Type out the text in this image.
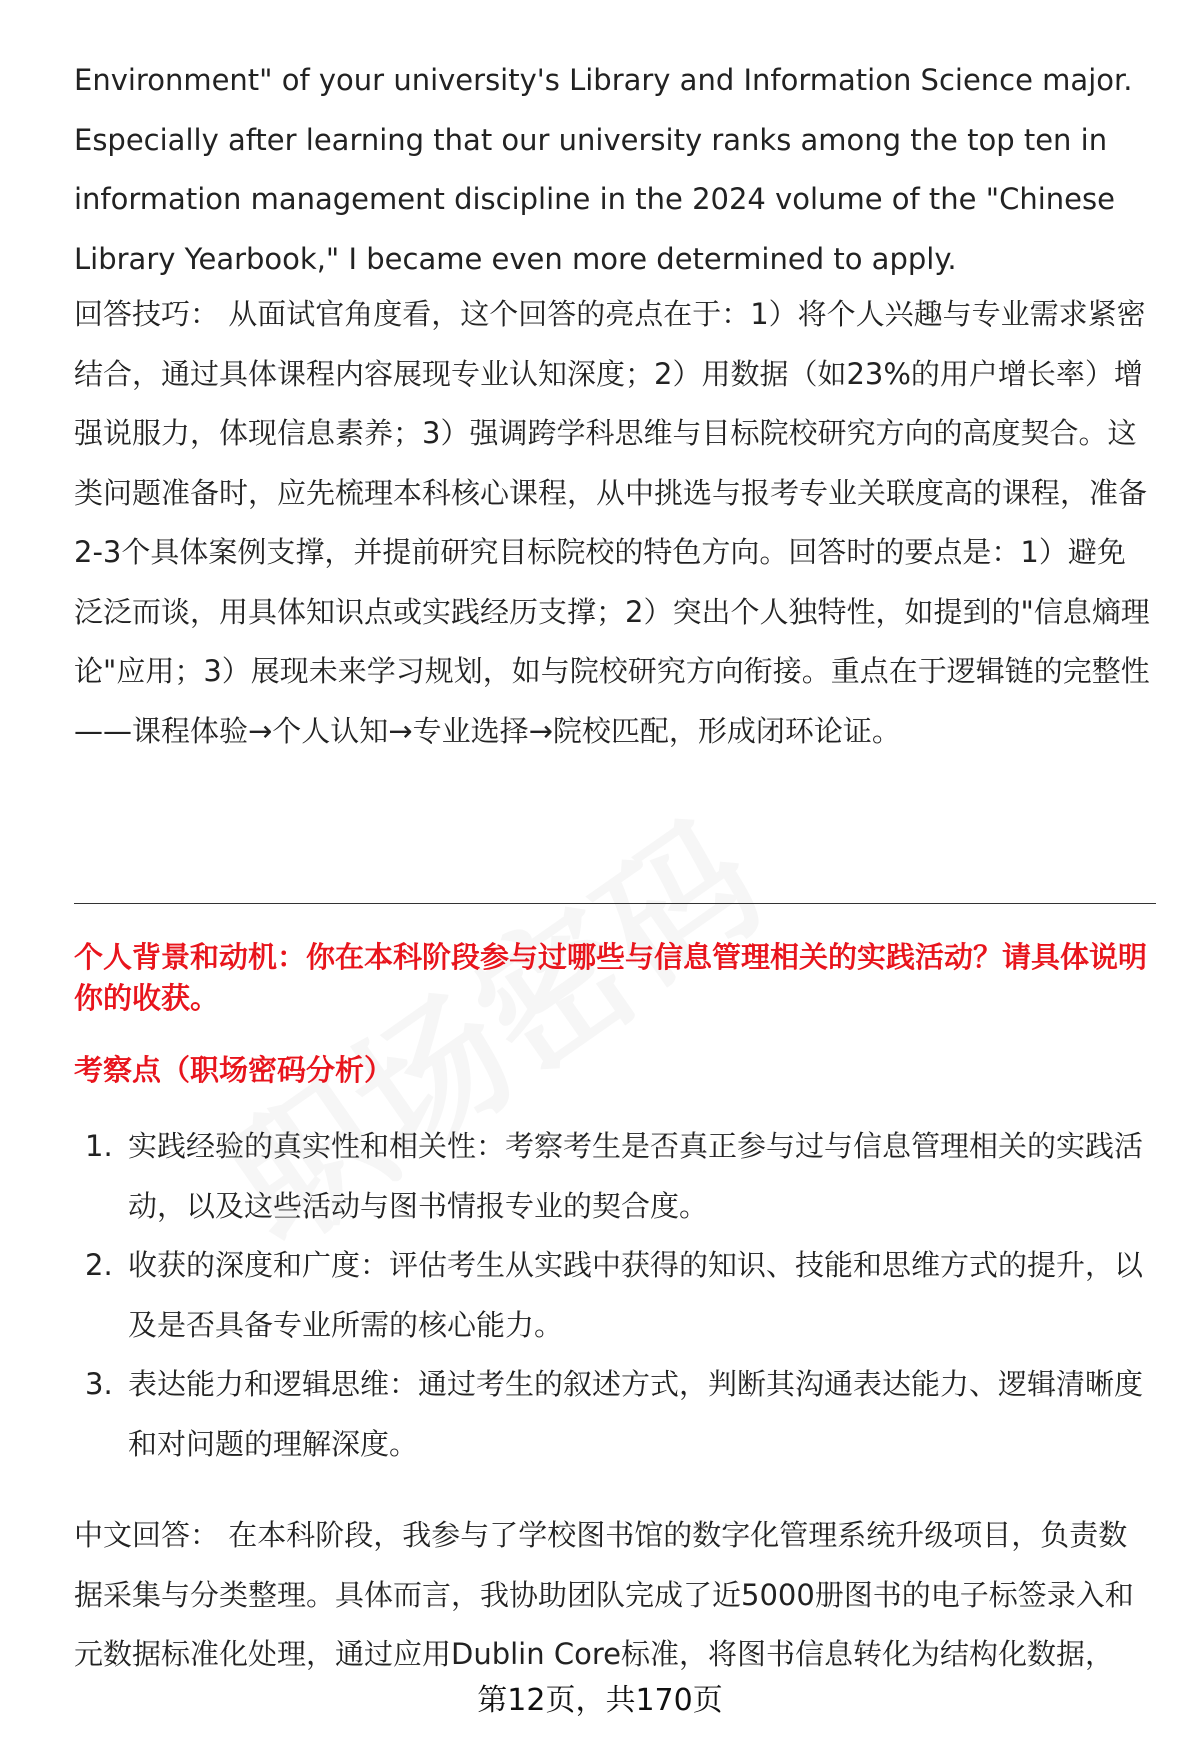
Environment" of your university's Library and Information Science major. Especially after learning that our university ranks among the top ten in information management discipline in the 2024 volume of the "Chinese Library Yearbook," I became even more determined to apply.

回答技巧： 从面试官角度看，这个回答的亮点在于：1）将个人兴趣与专业需求紧密结合，通过具体课程内容展现专业认知深度；2）用数据（如23%的用户增长率）增强说服力，体现信息素养；3）强调跨学科思维与目标院校研究方向的高度契合。这类问题准备时，应先梳理本科核心课程，从中挑选与报考专业关联度高的课程，准备2-3个具体案例支撑，并提前研究目标院校的特色方向。回答时的要点是：1）避免泛泛而谈，用具体知识点或实践经历支撑；2）突出个人独特性，如提到的"信息熵理论"应用；3）展现未来学习规划，如与院校研究方向衔接。重点在于逻辑链的完整性——课程体验→个人认知→专业选择→院校匹配，形成闭环论证。

个人背景和动机：你在本科阶段参与过哪些与信息管理相关的实践活动？请具体说明你的收获。

考察点（职场密码分析）

1. 实践经验的真实性和相关性：考察考生是否真正参与过与信息管理相关的实践活动，以及这些活动与图书情报专业的契合度。
2. 收获的深度和广度：评估考生从实践中获得的知识、技能和思维方式的提升，以及是否具备专业所需的核心能力。
3. 表达能力和逻辑思维：通过考生的叙述方式，判断其沟通表达能力、逻辑清晰度和对问题的理解深度。

中文回答： 在本科阶段，我参与了学校图书馆的数字化管理系统升级项目，负责数据采集与分类整理。具体而言，我协助团队完成了近5000册图书的电子标签录入和元数据标准化处理，通过应用Dublin Core标准，将图书信息转化为结构化数据，

第12页，共170页
